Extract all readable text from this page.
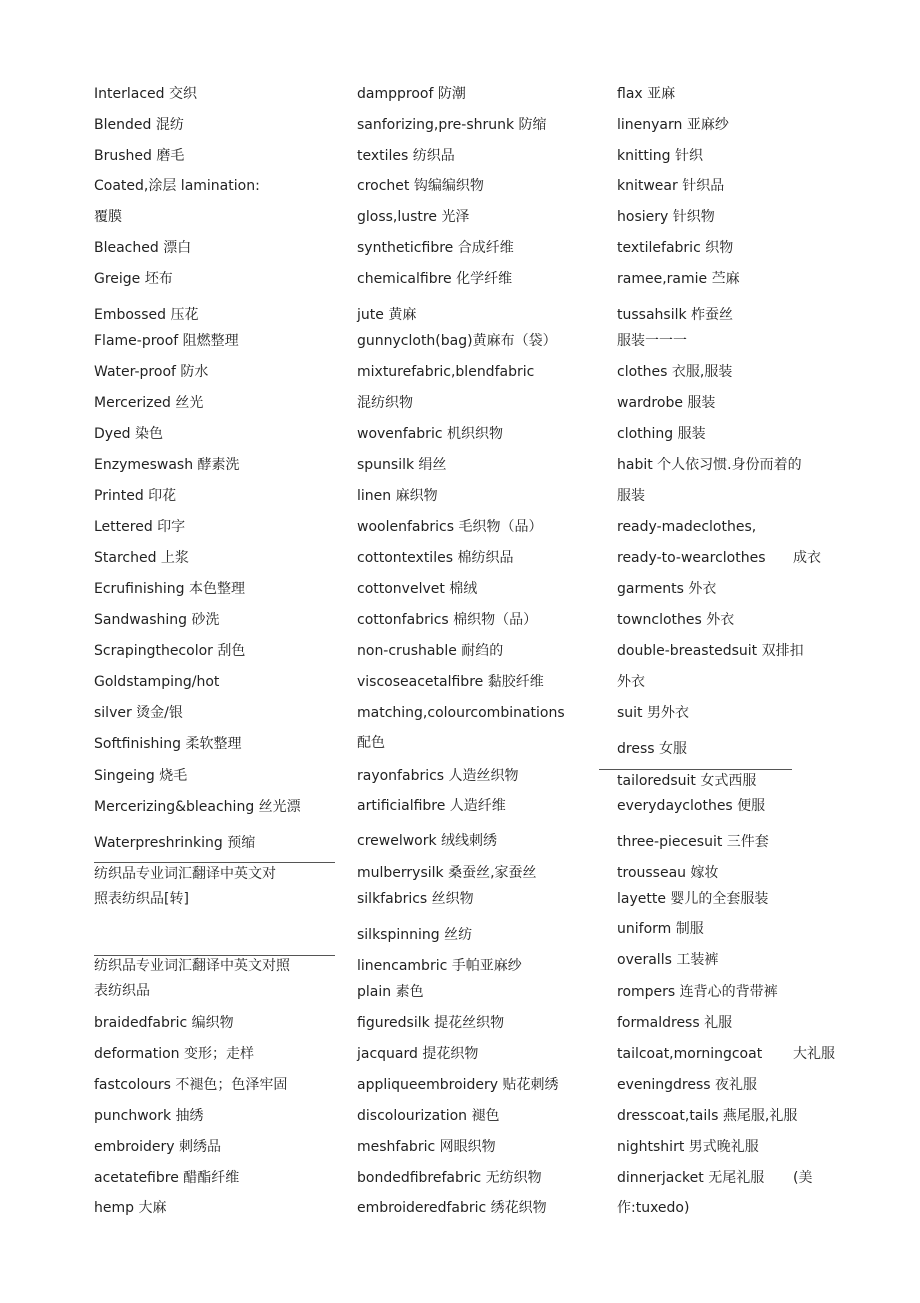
Interlaced 交织
Blended 混纺
Brushed 磨毛
Coated,涂层 lamination:
覆膜
Bleached 漂白
Greige 坯布
Embossed 压花
Flame-proof 阻燃整理
Water-proof 防水
Mercerized 丝光
Dyed 染色
Enzymeswash 酵素洗
Printed 印花
Lettered 印字
Starched 上浆
Ecrufinishing 本色整理
Sandwashing 砂洗
Scrapingthecolor 刮色
Goldstamping/hot
silver 烫金/银
Softfinishing 柔软整理
Singeing 烧毛
Mercerizing&bleaching 丝光漂
Waterpreshrinking 预缩
纺织品专业词汇翻译中英文对
照表纺织品[转]
纺织品专业词汇翻译中英文对照
表纺织品
braidedfabric 编织物
deformation 变形；走样
fastcolours 不褪色；色泽牢固
punchwork 抽绣
embroidery 刺绣品
acetatefibre 醋酯纤维
hemp 大麻
dampproof 防潮
sanforizing,pre-shrunk 防缩
textiles 纺织品
crochet 钩编编织物
gloss,lustre 光泽
syntheticfibre 合成纤维
chemicalfibre 化学纤维
jute 黄麻
gunnycloth(bag)黄麻布（袋）
mixturefabric,blendfabric
混纺织物
wovenfabric 机织织物
spunsilk 绢丝
linen 麻织物
woolenfabrics 毛织物（品）
cottontextiles 棉纺织品
cottonvelvet 棉绒
cottonfabrics 棉织物（品）
non-crushable 耐绉的
viscoseacetalfibre 黏胶纤维
matching,colourcombinations
配色
rayonfabrics 人造丝织物
artificialfibre 人造纤维
crewelwork 绒线刺绣
mulberrysilk 桑蚕丝,家蚕丝
silkfabrics 丝织物
silkspinning 丝纺
linencambric 手帕亚麻纱
plain 素色
figuredsilk 提花丝织物
jacquard 提花织物
appliqueembroidery 贴花刺绣
discolourization 褪色
meshfabric 网眼织物
bondedfibrefabric 无纺织物
embroideredfabric 绣花织物
flax 亚麻
linenyarn 亚麻纱
knitting 针织
knitwear 针织品
hosiery 针织物
textilefabric 织物
ramee,ramie 苎麻
tussahsilk 柞蚕丝
服装一一一
clothes 衣服,服装
wardrobe 服装
clothing 服装
habit 个人依习惯.身份而着的
服装
ready-madeclothes,
ready-to-wearclothes 成衣
garments 外衣
townclothes 外衣
double-breastedsuit 双排扣
外衣
suit 男外衣
dress 女服
tailoredsuit 女式西服
everydayclothes 便服
three-piecesuit 三件套
trousseau 嫁妆
layette 婴儿的全套服装
uniform 制服
overalls 工装裤
rompers 连背心的背带裤
formaldress 礼服
tailcoat,morningcoat 大礼服
eveningdress 夜礼服
dresscoat,tails 燕尾服,礼服
nightshirt 男式晚礼服
dinnerjacket 无尾礼服 (美
作:tuxedo)
